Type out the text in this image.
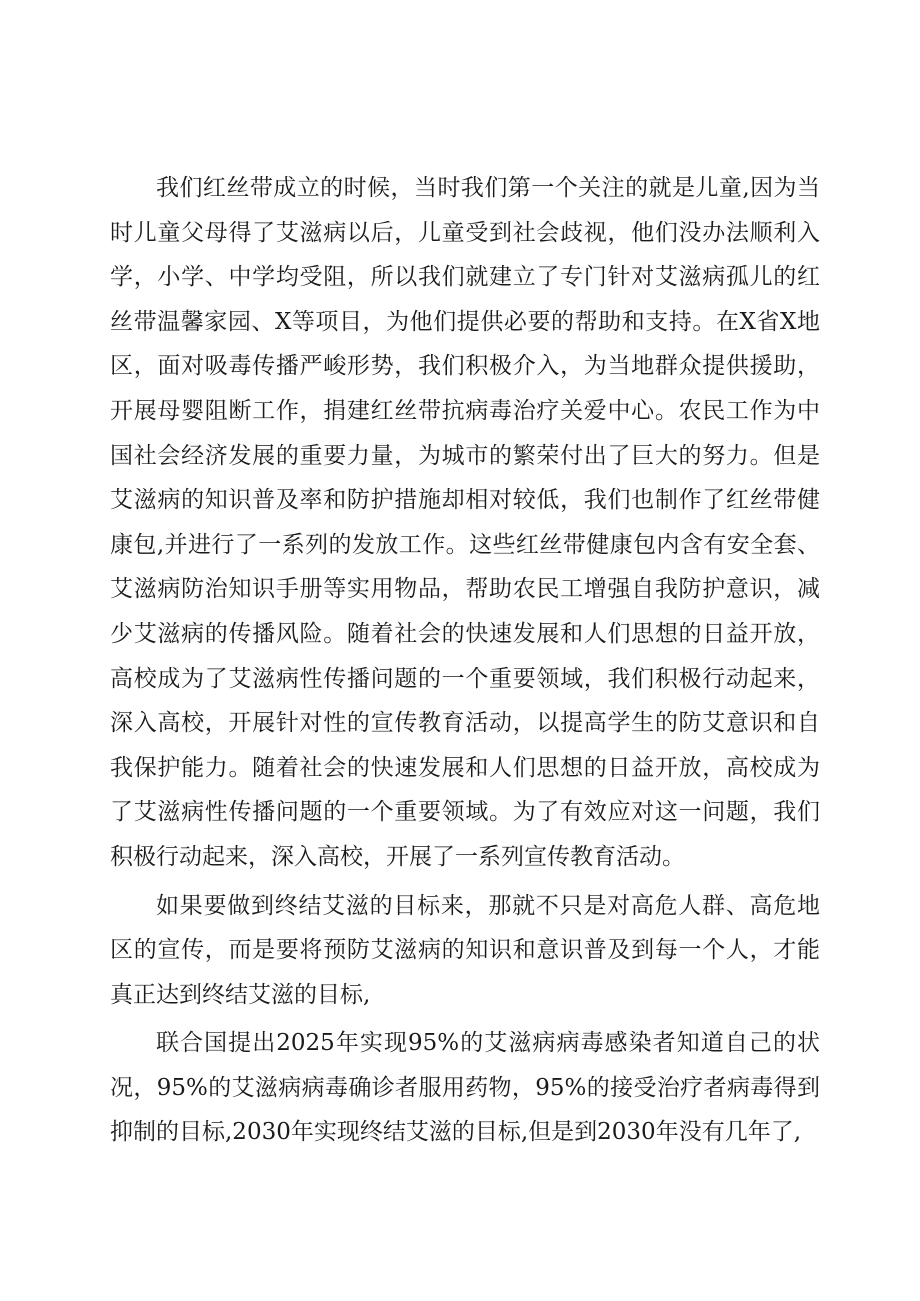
我们红丝带成立的时候，当时我们第一个关注的就是儿童,因为当时儿童父母得了艾滋病以后，儿童受到社会歧视，他们没办法顺利入学，小学、中学均受阻，所以我们就建立了专门针对艾滋病孤儿的红丝带温馨家园、X等项目，为他们提供必要的帮助和支持。在X省X地区，面对吸毒传播严峻形势，我们积极介入，为当地群众提供援助，开展母婴阻断工作，捐建红丝带抗病毒治疗关爱中心。农民工作为中国社会经济发展的重要力量，为城市的繁荣付出了巨大的努力。但是艾滋病的知识普及率和防护措施却相对较低，我们也制作了红丝带健康包,并进行了一系列的发放工作。这些红丝带健康包内含有安全套、艾滋病防治知识手册等实用物品，帮助农民工增强自我防护意识，减少艾滋病的传播风险。随着社会的快速发展和人们思想的日益开放，高校成为了艾滋病性传播问题的一个重要领域，我们积极行动起来，深入高校，开展针对性的宣传教育活动，以提高学生的防艾意识和自我保护能力。随着社会的快速发展和人们思想的日益开放，高校成为了艾滋病性传播问题的一个重要领域。为了有效应对这一问题，我们积极行动起来，深入高校，开展了一系列宣传教育活动。

如果要做到终结艾滋的目标来，那就不只是对高危人群、高危地区的宣传，而是要将预防艾滋病的知识和意识普及到每一个人，才能真正达到终结艾滋的目标,

联合国提出2025年实现95%的艾滋病病毒感染者知道自己的状况，95%的艾滋病病毒确诊者服用药物，95%的接受治疗者病毒得到抑制的目标,2030年实现终结艾滋的目标,但是到2030年没有几年了,
